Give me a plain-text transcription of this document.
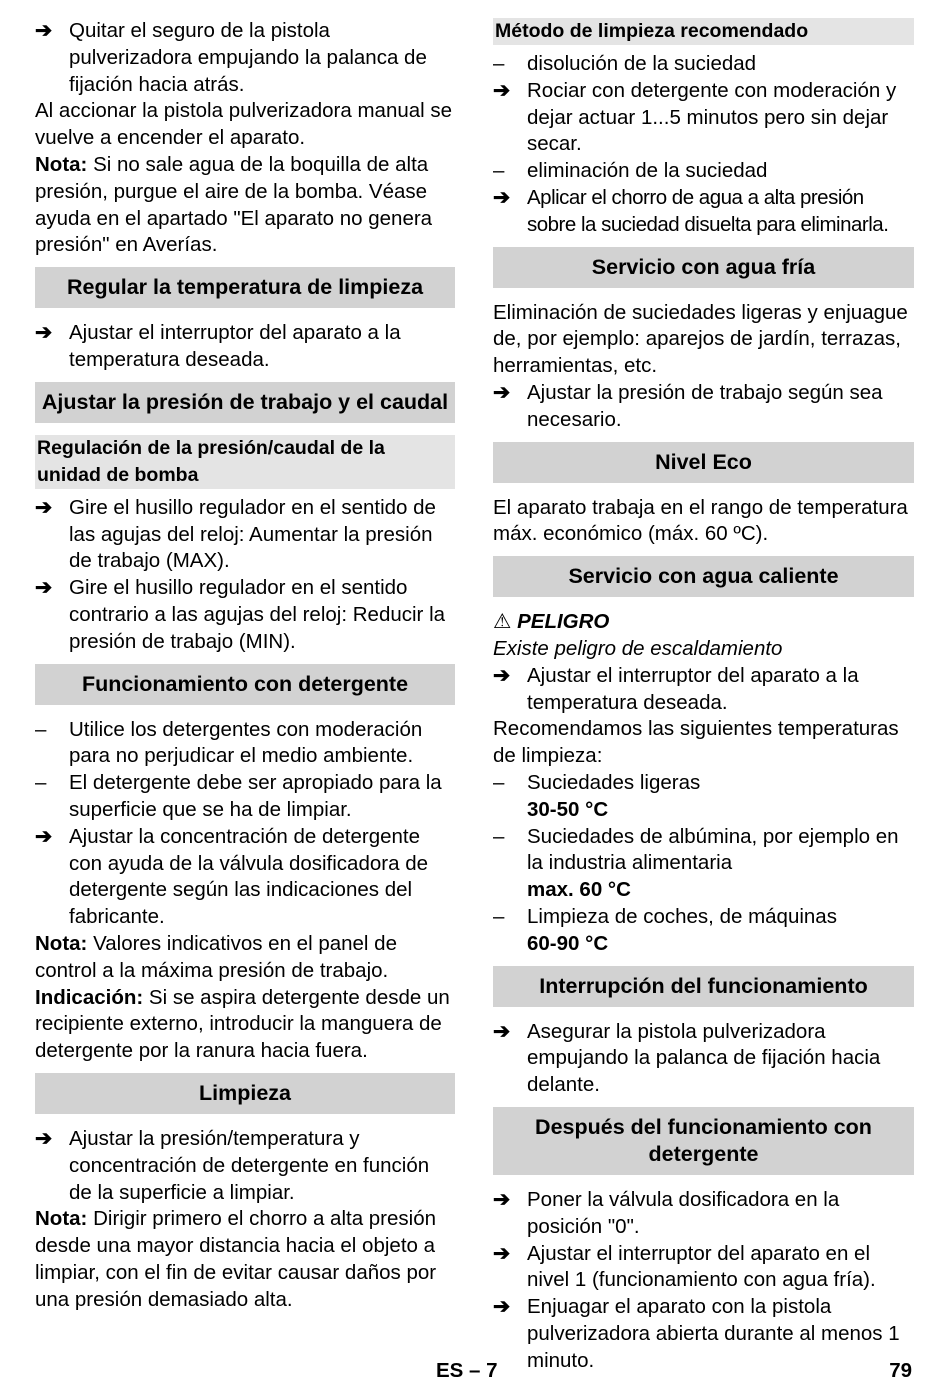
➔ Quitar el seguro de la pistola pulverizadora empujando la palanca de fijación hacia atrás.

Al accionar la pistola pulverizadora manual se vuelve a encender el aparato.

Nota: Si no sale agua de la boquilla de alta presión, purgue el aire de la bomba. Véase ayuda en el apartado "El aparato no genera presión" en Averías.

Regular la temperatura de limpieza

➔ Ajustar el interruptor del aparato a la temperatura deseada.

Ajustar la presión de trabajo y el caudal
Regulación de la presión/caudal de la unidad de bomba

➔ Gire el husillo regulador en el sentido de las agujas del reloj: Aumentar la presión de trabajo (MAX).

➔ Gire el husillo regulador en el sentido contrario a las agujas del reloj: Reducir la presión de trabajo (MIN).

Funcionamiento con detergente

–	Utilice los detergentes con moderación para no perjudicar el medio ambiente.

–	El detergente debe ser apropiado para la superficie que se ha de limpiar.

➔ Ajustar la concentración de detergente con ayuda de la válvula dosificadora de detergente según las indicaciones del fabricante.

Nota: Valores indicativos en el panel de control a la máxima presión de trabajo.

Indicación: Si se aspira detergente desde un recipiente externo, introducir la manguera de detergente por la ranura hacia fuera.

Limpieza

➔ Ajustar la presión/temperatura y concentración de detergente en función de la superficie a limpiar.

Nota: Dirigir primero el chorro a alta presión desde una mayor distancia hacia el objeto a limpiar, con el fin de evitar causar daños por una presión demasiado alta.

Método de limpieza recomendado

–	disolución de la suciedad

➔ Rociar con detergente con moderación y dejar actuar 1...5 minutos pero sin dejar secar.

–	eliminación de la suciedad

➔ Aplicar el chorro de agua a alta presión sobre la suciedad disuelta para eliminarla.

Servicio con agua fría

Eliminación de suciedades ligeras y enjuague de, por ejemplo: aparejos de jardín, terrazas, herramientas, etc.

➔ Ajustar la presión de trabajo según sea necesario.

Nivel Eco

El aparato trabaja en el rango de temperatura máx. económico (máx. 60 ºC).

Servicio con agua caliente

⚠ PELIGRO

Existe peligro de escaldamiento

➔ Ajustar el interruptor del aparato a la temperatura deseada.

Recomendamos las siguientes temperaturas de limpieza:

–	Suciedades ligeras
30-50 °C

–	Suciedades de albúmina, por ejemplo en la industria alimentaria
max. 60 °C

–	Limpieza de coches, de máquinas
60-90 °C

Interrupción del funcionamiento

➔ Asegurar la pistola pulverizadora empujando la palanca de fijación hacia delante.

Después del funcionamiento con detergente

➔ Poner la válvula dosificadora en la posición "0".

➔ Ajustar el interruptor del aparato en el nivel 1 (funcionamiento con agua fría).

➔ Enjuagar el aparato con la pistola pulverizadora abierta durante al menos 1 minuto.

ES – 7	79
